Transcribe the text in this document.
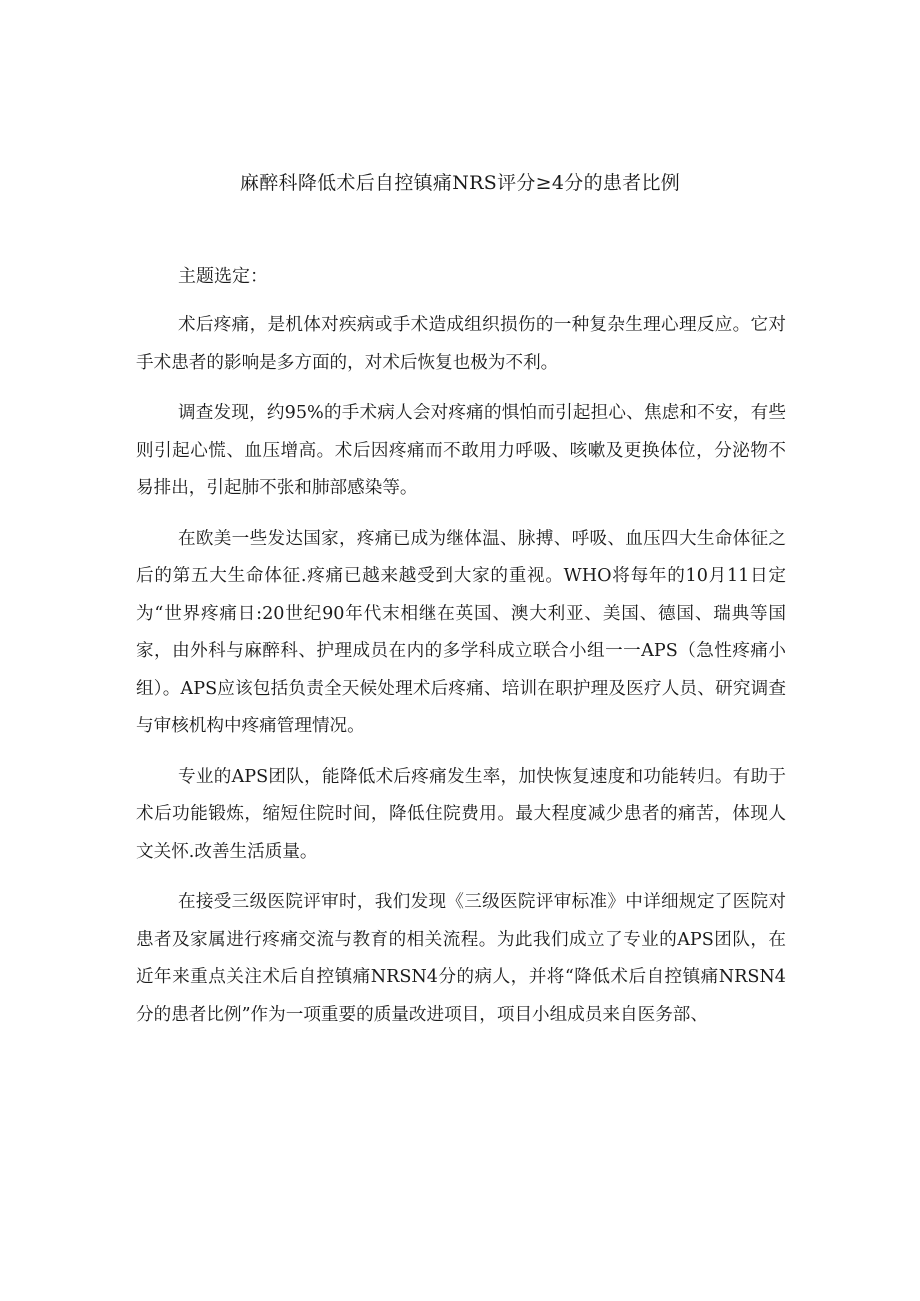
麻醉科降低术后自控镇痛NRS评分≥4分的患者比例
主题选定：

术后疼痛，是机体对疾病或手术造成组织损伤的一种复杂生理心理反应。它对手术患者的影响是多方面的，对术后恢复也极为不利。

调查发现，约95%的手术病人会对疼痛的惧怕而引起担心、焦虑和不安，有些则引起心慌、血压增高。术后因疼痛而不敢用力呼吸、咳嗽及更换体位，分泌物不易排出，引起肺不张和肺部感染等。

在欧美一些发达国家，疼痛已成为继体温、脉搏、呼吸、血压四大生命体征之后的第五大生命体征.疼痛已越来越受到大家的重视。WHO将每年的10月11日定为“世界疼痛日:20世纪90年代末相继在英国、澳大利亚、美国、德国、瑞典等国家，由外科与麻醉科、护理成员在内的多学科成立联合小组一一APS（急性疼痛小组）。APS应该包括负责全天候处理术后疼痛、培训在职护理及医疗人员、研究调查与审核机构中疼痛管理情况。

专业的APS团队，能降低术后疼痛发生率，加快恢复速度和功能转归。有助于术后功能锻炼，缩短住院时间，降低住院费用。最大程度减少患者的痛苦，体现人文关怀.改善生活质量。

在接受三级医院评审时，我们发现《三级医院评审标准》中详细规定了医院对患者及家属进行疼痛交流与教育的相关流程。为此我们成立了专业的APS团队，在近年来重点关注术后自控镇痛NRSN4分的病人，并将“降低术后自控镇痛NRSN4分的患者比例”作为一项重要的质量改进项目，项目小组成员来自医务部、
